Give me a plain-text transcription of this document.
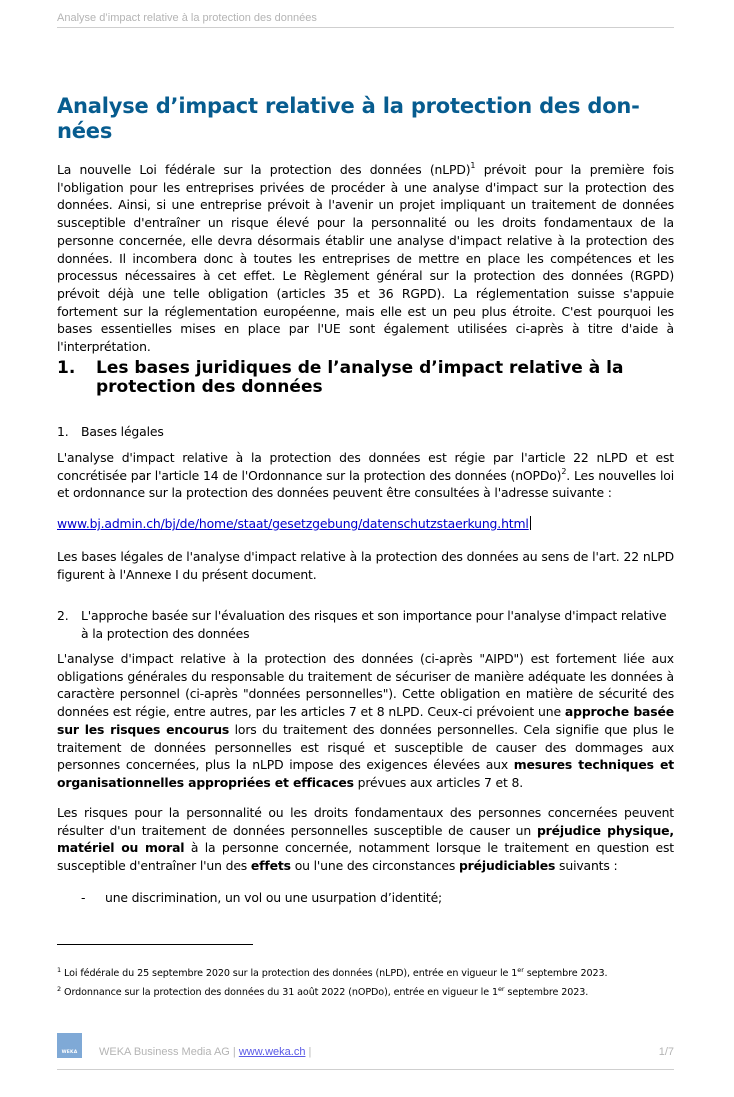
Analyse d’impact relative à la protection des données
Analyse d’impact relative à la protection des don-
nées

La nouvelle Loi fédérale sur la protection des données (nLPD)$^1$ prévoit pour la première fois l'obligation pour les entreprises privées de procéder à une analyse d'impact sur la protection des données. Ainsi, si une entreprise prévoit à l'avenir un projet impliquant un traitement de données susceptible d'entraîner un risque élevé pour la personnalité ou les droits fondamentaux de la personne concernée, elle devra désormais établir une analyse d'impact relative à la protection des données. Il incombera donc à toutes les entreprises de mettre en place les compétences et les processus nécessaires à cet effet. Le Règlement général sur la protection des données (RGPD) prévoit déjà une telle obligation (articles 35 et 36 RGPD). La réglementation suisse s'appuie fortement sur la réglementation européenne, mais elle est un peu plus étroite. C'est pourquoi les bases essentielles mises en place par l'UE sont également utilisées ci-après à titre d'aide à l'interprétation.

1.	Les bases juridiques de l’analyse d’impact relative à la protection des données
1.	Bases légales

L'analyse d'impact relative à la protection des données est régie par l'article 22 nLPD et est concrétisée par l'article 14 de l'Ordonnance sur la protection des données (nOPDo)$^2$. Les nouvelles loi et ordonnance sur la protection des données peuvent être consultées à l'adresse suivante :

www.bj.admin.ch/bj/de/home/staat/gesetzgebung/datenschutzstaerkung.html

Les bases légales de l'analyse d'impact relative à la protection des données au sens de l'art. 22 nLPD figurent à l'Annexe I du présent document.

2.	L'approche basée sur l'évaluation des risques et son importance pour l'analyse d'impact relative à la protection des données

L'analyse d'impact relative à la protection des données (ci-après "AIPD") est fortement liée aux obligations générales du responsable du traitement de sécuriser de manière adéquate les données à caractère personnel (ci-après "données personnelles"). Cette obligation en matière de sécurité des données est régie, entre autres, par les articles 7 et 8 nLPD. Ceux-ci prévoient une approche basée sur les risques encourus lors du traitement des données personnelles. Cela signifie que plus le traitement de données personnelles est risqué et susceptible de causer des dommages aux personnes concernées, plus la nLPD impose des exigences élevées aux mesures techniques et organisationnelles appropriées et efficaces prévues aux articles 7 et 8.

Les risques pour la personnalité ou les droits fondamentaux des personnes concernées peuvent résulter d'un traitement de données personnelles susceptible de causer un préjudice physique, matériel ou moral à la personne concernée, notamment lorsque le traitement en question est susceptible d'entraîner l'un des effets ou l'une des circonstances préjudiciables suivants :

-	une discrimination, un vol ou une usurpation d’identité;
$^1$ Loi fédérale du 25 septembre 2020 sur la protection des données (nLPD), entrée en vigueur le 1er septembre 2023.
$^2$ Ordonnance sur la protection des données du 31 août 2022 (nOPDo), entrée en vigueur le 1er septembre 2023.
WEKA	WEKA Business Media AG | www.weka.ch |	1/7
